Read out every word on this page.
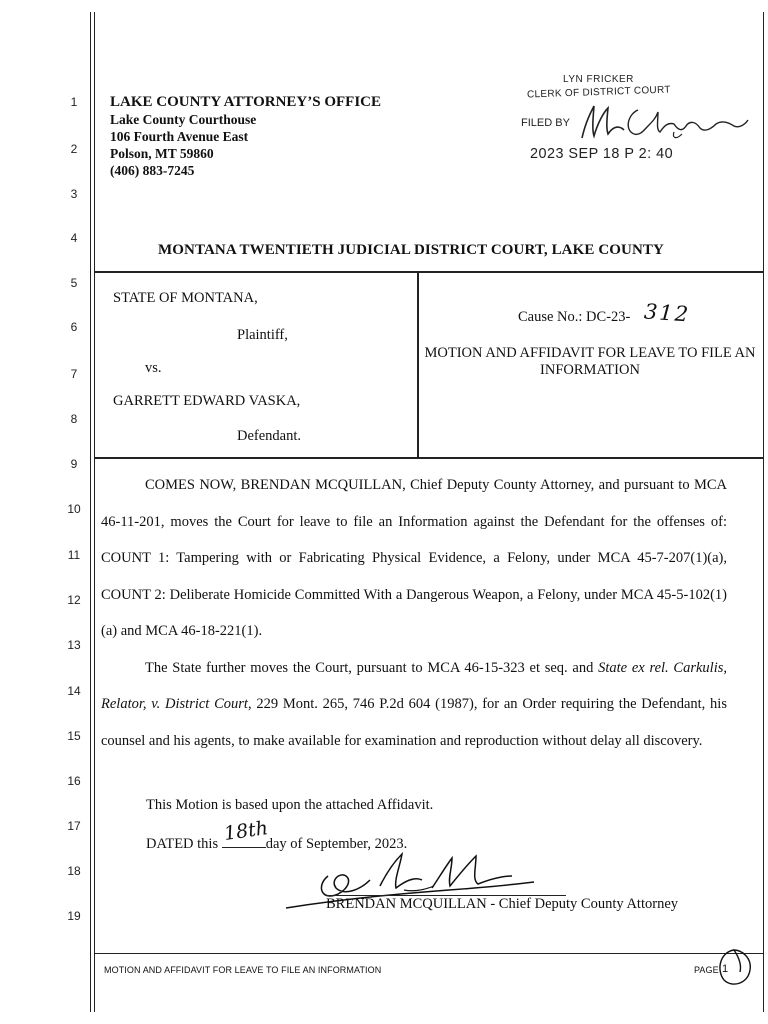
1
2
3
4
5
6
7
8
9
10
11
12
13
14
15
16
17
18
19
LAKE COUNTY ATTORNEY’S OFFICE
Lake County Courthouse
106 Fourth Avenue East
Polson, MT 59860
(406) 883-7245
LYN FRICKER
CLERK OF DISTRICT COURT
FILED BY
2023 SEP 18 P 2: 40
MONTANA TWENTIETH JUDICIAL DISTRICT COURT, LAKE COUNTY
STATE OF MONTANA,
Plaintiff,
vs.
GARRETT EDWARD VASKA,
Defendant.
Cause No.: DC-23- 312
MOTION AND AFFIDAVIT FOR LEAVE TO FILE AN INFORMATION

COMES NOW, BRENDAN MCQUILLAN, Chief Deputy County Attorney, and pursuant to MCA 46-11-201, moves the Court for leave to file an Information against the Defendant for the offenses of: COUNT 1: Tampering with or Fabricating Physical Evidence, a Felony, under MCA 45-7-207(1)(a), COUNT 2: Deliberate Homicide Committed With a Dangerous Weapon, a Felony, under MCA 45-5-102(1)(a) and MCA 46-18-221(1).

The State further moves the Court, pursuant to MCA 46-15-323 et seq. and State ex rel. Carkulis, Relator, v. District Court, 229 Mont. 265, 746 P.2d 604 (1987), for an Order requiring the Defendant, his counsel and his agents, to make available for examination and reproduction without delay all discovery.

This Motion is based upon the attached Affidavit.
DATED this 18th
day of September, 2023.
BRENDAN MCQUILLAN - Chief Deputy County Attorney
MOTION AND AFFIDAVIT FOR LEAVE TO FILE AN INFORMATION	PAGE 1
